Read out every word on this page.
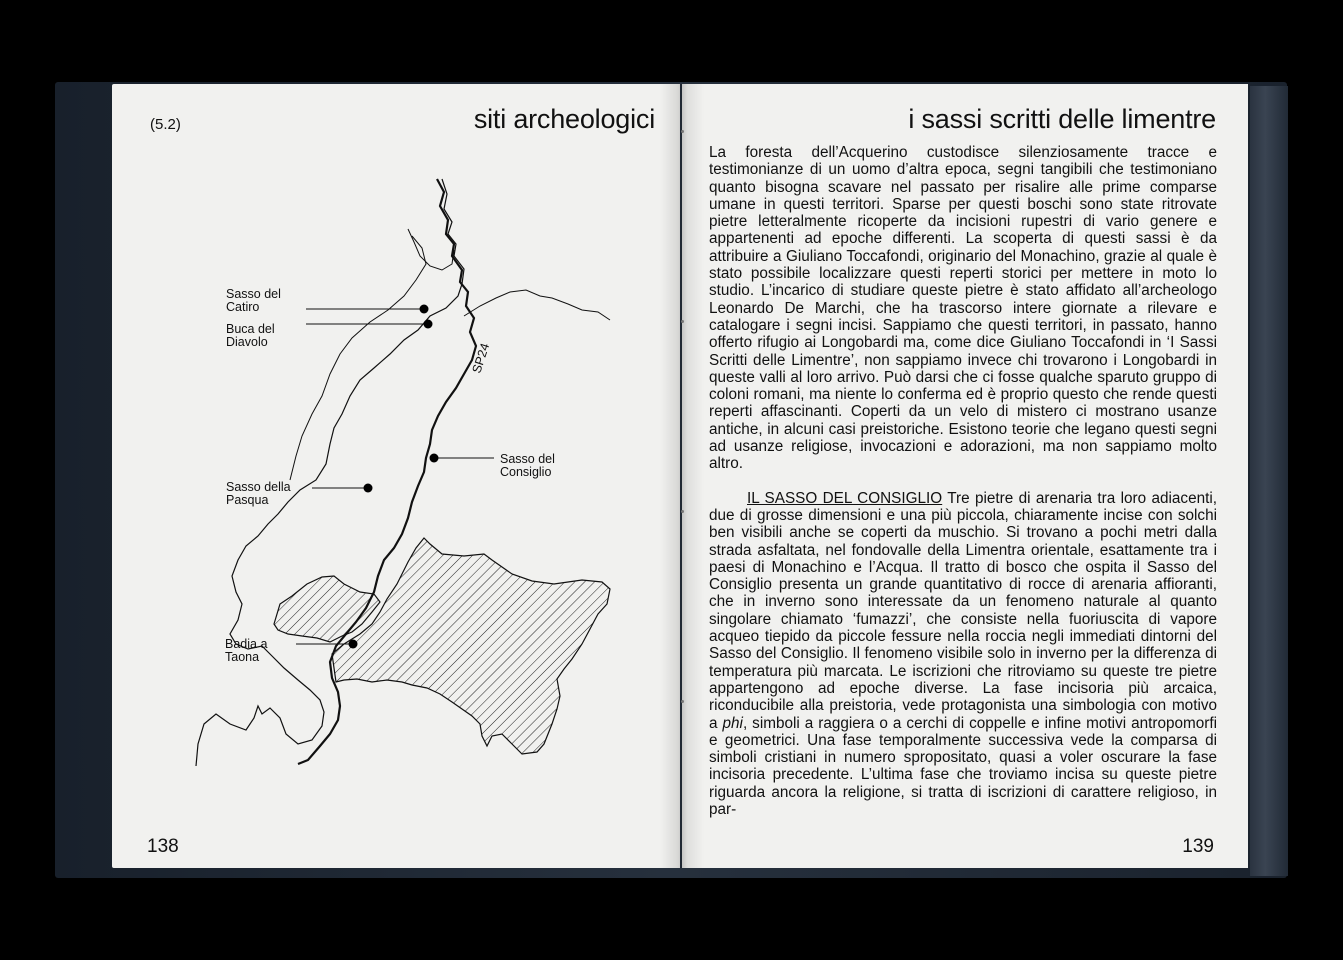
(5.2)	siti archeologici
SP24
Sasso del
Catiro
Buca del
Diavolo
Sasso del
Consiglio
Sasso della
Pasqua
Badia a
Taona
138
i sassi scritti delle limentre

La foresta dell’Acquerino custodisce silenziosamente tracce e testimonianze di un uomo d’altra epoca, segni tangibili che testimoniano quanto bisogna scavare nel passato per risalire alle prime comparse umane in questi territori. Sparse per questi boschi sono state ritrovate pietre letteralmente ricoperte da incisioni rupestri di vario genere e appartenenti ad epoche differenti. La scoperta di questi sassi è da attribuire a Giuliano Toccafondi, originario del Monachino, grazie al quale è stato possibile localizzare questi reperti storici per mettere in moto lo studio. L’incarico di studiare queste pietre è stato affidato all’archeologo Leonardo De Marchi, che ha trascorso intere giornate a rilevare e catalogare i segni incisi. Sappiamo che questi territori, in passato, hanno offerto rifugio ai Longobardi ma, come dice Giuliano Toccafondi in ‘I Sassi Scritti delle Limentre’, non sappiamo invece chi trovarono i Longobardi in queste valli al loro arrivo. Può darsi che ci fosse qualche sparuto gruppo di coloni romani, ma niente lo conferma ed è proprio questo che rende questi reperti affascinanti. Coperti da un velo di mistero ci mostrano usanze antiche, in alcuni casi preistoriche. Esistono teorie che legano questi segni ad usanze religiose, invocazioni e adorazioni, ma non sappiamo molto altro.

IL SASSO DEL CONSIGLIO Tre pietre di arenaria tra loro adiacenti, due di grosse dimensioni e una più piccola, chiaramente incise con solchi ben visibili anche se coperti da muschio. Si trovano a pochi metri dalla strada asfaltata, nel fondovalle della Limentra orientale, esattamente tra i paesi di Monachino e l’Acqua. Il tratto di bosco che ospita il Sasso del Consiglio presenta un grande quantitativo di rocce di arenaria affioranti, che in inverno sono interessate da un fenomeno naturale al quanto singolare chiamato ‘fumazzi’, che consiste nella fuoriuscita di vapore acqueo tiepido da piccole fessure nella roccia negli immediati dintorni del Sasso del Consiglio. Il fenomeno visibile solo in inverno per la differenza di temperatura più marcata. Le iscrizioni che ritroviamo su queste tre pietre appartengono ad epoche diverse. La fase incisoria più arcaica, riconducibile alla preistoria, vede protagonista una simbologia con motivo a phi, simboli a raggiera o a cerchi di coppelle e infine motivi antropomorfi e geometrici. Una fase temporalmente successiva vede la comparsa di simboli cristiani in numero spropositato, quasi a voler oscurare la fase incisoria precedente. L’ultima fase che troviamo incisa su queste pietre riguarda ancora la religione, si tratta di iscrizioni di carattere religioso, in par-

139
